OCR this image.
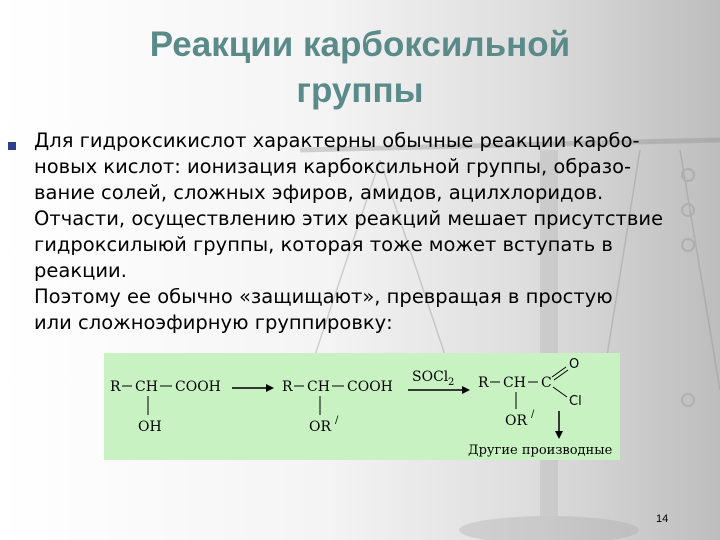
Реакции карбоксильной
группы
Для гидроксикислот характерны обычные реакции карбо-
новых кислот: ионизация карбоксильной группы, образо-
вание солей, сложных эфиров, амидов, ацилхлоридов.
Отчасти, осуществлению этих реакций мешает присутствие
гидроксилыюй группы, которая тоже может вступать в
реакции.
Поэтому ее обычно «защищают», превращая в простую
или сложноэфирную группировку:
R CH COOH
OH
R CH COOH
OR /
SOCl 2 R CH C
O
Cl
OR /
Другие производные
14
